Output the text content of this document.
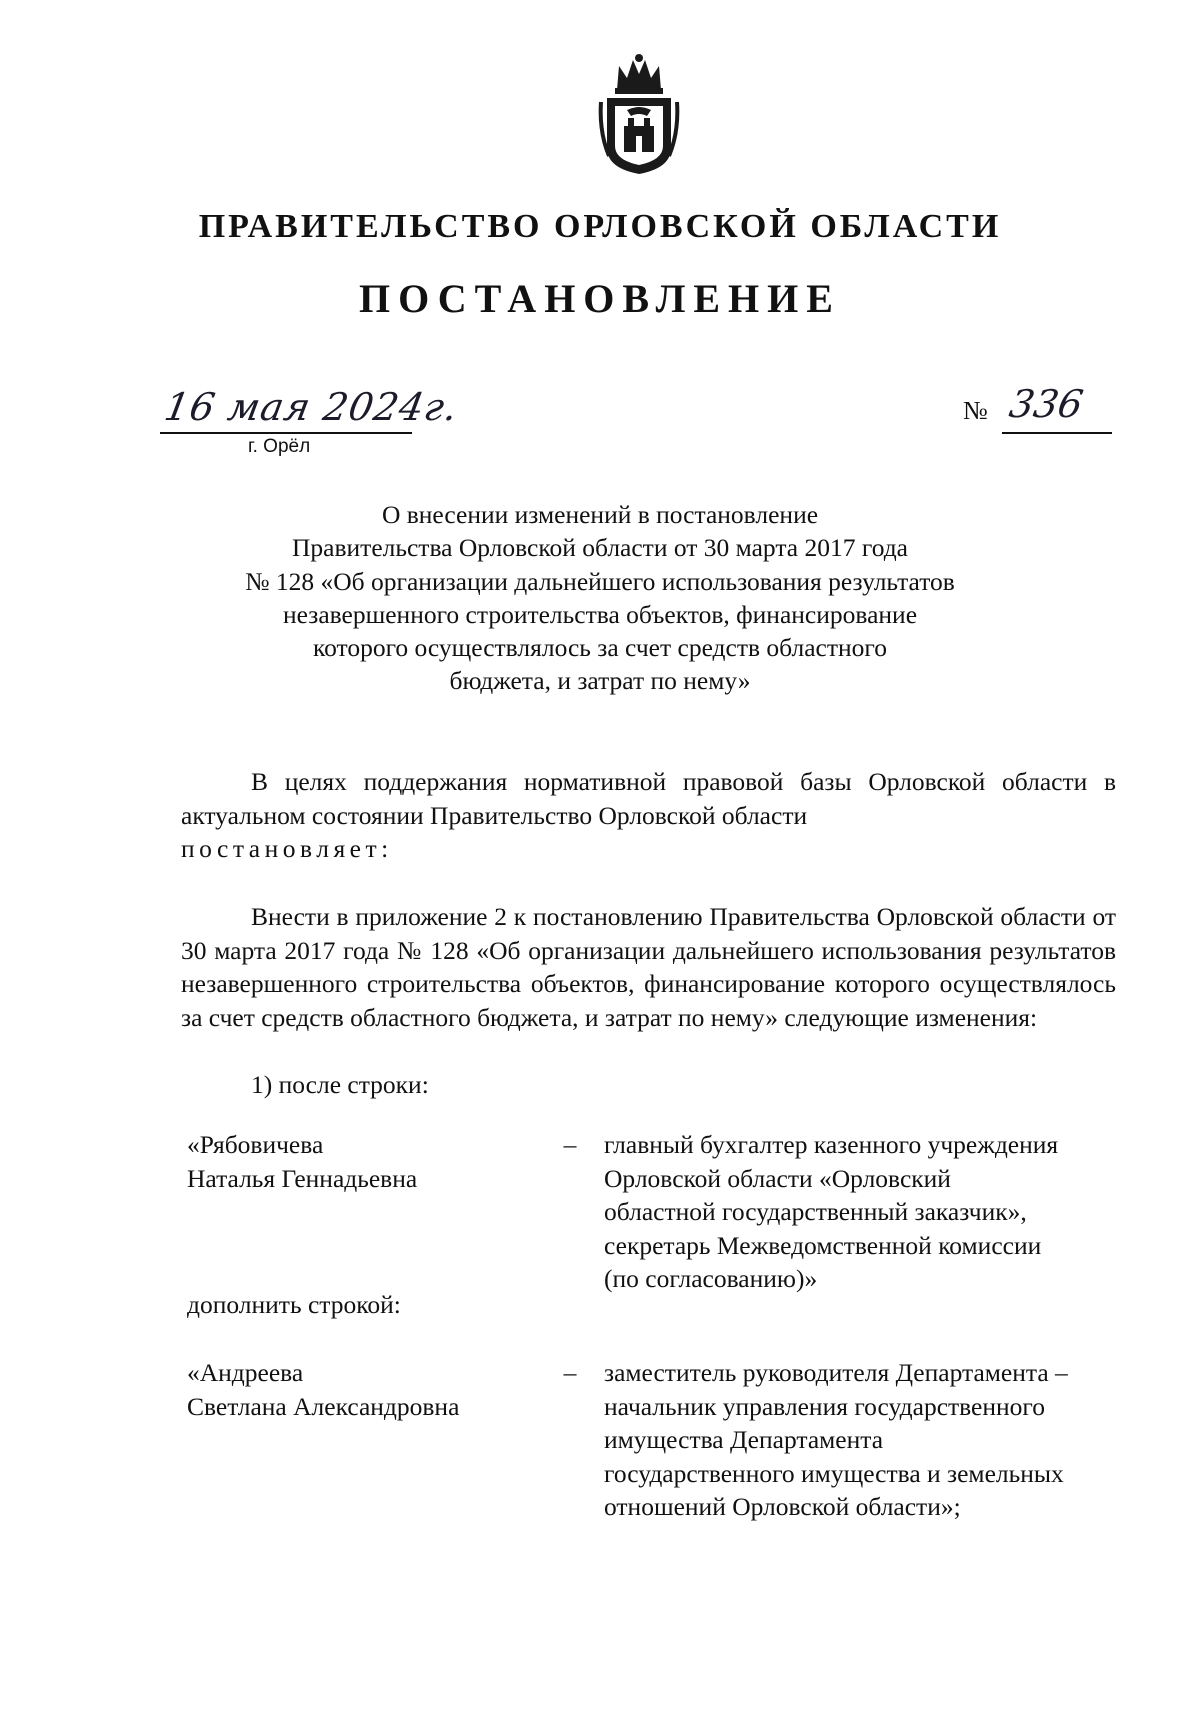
ПРАВИТЕЛЬСТВО ОРЛОВСКОЙ ОБЛАСТИ
ПОСТАНОВЛЕНИЕ
16 мая 2024г.
г. Орёл
№ 336
О внесении изменений в постановление
Правительства Орловской области от 30 марта 2017 года
№ 128 «Об организации дальнейшего использования результатов
незавершенного строительства объектов, финансирование
которого осуществлялось за счет средств областного
бюджета, и затрат по нему»
В целях поддержания нормативной правовой базы Орловской области в актуальном состоянии Правительство Орловской области
постановляет:
Внести в приложение 2 к постановлению Правительства Орловской области от 30 марта 2017 года № 128 «Об организации дальнейшего использования результатов незавершенного строительства объектов, финансирование которого осуществлялось за счет средств областного бюджета, и затрат по нему» следующие изменения:
1) после строки:
«Рябовичева
Наталья Геннадьевна
–	главный бухгалтер казенного учреждения
Орловской области «Орловский
областной государственный заказчик»,
секретарь Межведомственной комиссии
(по согласованию)»
дополнить строкой:
«Андреева
Светлана Александровна
–	заместитель руководителя Департамента –
начальник управления государственного
имущества Департамента
государственного имущества и земельных
отношений Орловской области»;
